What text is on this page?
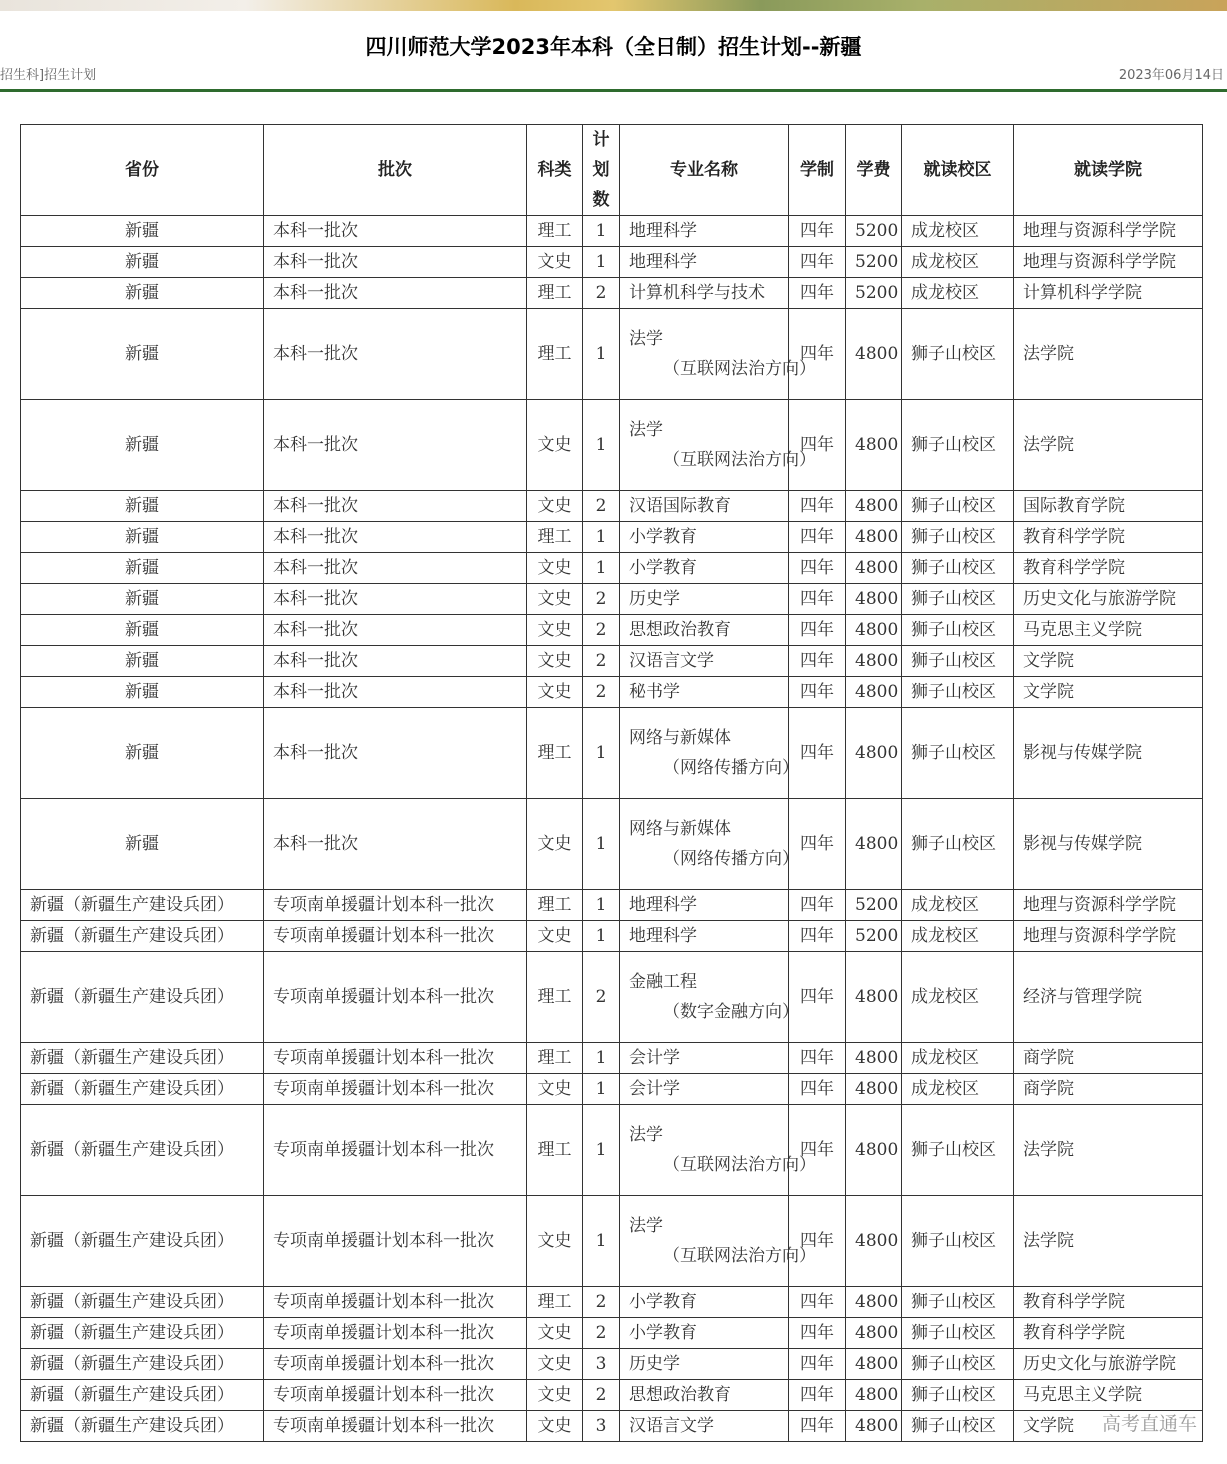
四川师范大学2023年本科（全日制）招生计划--新疆
招生科]招生计划	2023年06月14日
省份	批次	科类	计划数	专业名称	学制	学费	就读校区	就读学院
新疆	本科一批次	理工	1	地理科学	四年	5200	成龙校区	地理与资源科学学院
新疆	本科一批次	文史	1	地理科学	四年	5200	成龙校区	地理与资源科学学院
新疆	本科一批次	理工	2	计算机科学与技术	四年	5200	成龙校区	计算机科学学院
新疆	本科一批次	理工	1	法学
（互联网法治方向）	四年	4800	狮子山校区	法学院
新疆	本科一批次	文史	1	法学
（互联网法治方向）	四年	4800	狮子山校区	法学院
新疆	本科一批次	文史	2	汉语国际教育	四年	4800	狮子山校区	国际教育学院
新疆	本科一批次	理工	1	小学教育	四年	4800	狮子山校区	教育科学学院
新疆	本科一批次	文史	1	小学教育	四年	4800	狮子山校区	教育科学学院
新疆	本科一批次	文史	2	历史学	四年	4800	狮子山校区	历史文化与旅游学院
新疆	本科一批次	文史	2	思想政治教育	四年	4800	狮子山校区	马克思主义学院
新疆	本科一批次	文史	2	汉语言文学	四年	4800	狮子山校区	文学院
新疆	本科一批次	文史	2	秘书学	四年	4800	狮子山校区	文学院
新疆	本科一批次	理工	1	网络与新媒体
（网络传播方向）	四年	4800	狮子山校区	影视与传媒学院
新疆	本科一批次	文史	1	网络与新媒体
（网络传播方向）	四年	4800	狮子山校区	影视与传媒学院
新疆（新疆生产建设兵团）	专项南单援疆计划本科一批次	理工	1	地理科学	四年	5200	成龙校区	地理与资源科学学院
新疆（新疆生产建设兵团）	专项南单援疆计划本科一批次	文史	1	地理科学	四年	5200	成龙校区	地理与资源科学学院
新疆（新疆生产建设兵团）	专项南单援疆计划本科一批次	理工	2	金融工程
（数字金融方向）	四年	4800	成龙校区	经济与管理学院
新疆（新疆生产建设兵团）	专项南单援疆计划本科一批次	理工	1	会计学	四年	4800	成龙校区	商学院
新疆（新疆生产建设兵团）	专项南单援疆计划本科一批次	文史	1	会计学	四年	4800	成龙校区	商学院
新疆（新疆生产建设兵团）	专项南单援疆计划本科一批次	理工	1	法学
（互联网法治方向）	四年	4800	狮子山校区	法学院
新疆（新疆生产建设兵团）	专项南单援疆计划本科一批次	文史	1	法学
（互联网法治方向）	四年	4800	狮子山校区	法学院
新疆（新疆生产建设兵团）	专项南单援疆计划本科一批次	理工	2	小学教育	四年	4800	狮子山校区	教育科学学院
新疆（新疆生产建设兵团）	专项南单援疆计划本科一批次	文史	2	小学教育	四年	4800	狮子山校区	教育科学学院
新疆（新疆生产建设兵团）	专项南单援疆计划本科一批次	文史	3	历史学	四年	4800	狮子山校区	历史文化与旅游学院
新疆（新疆生产建设兵团）	专项南单援疆计划本科一批次	文史	2	思想政治教育	四年	4800	狮子山校区	马克思主义学院
新疆（新疆生产建设兵团）	专项南单援疆计划本科一批次	文史	3	汉语言文学	四年	4800	狮子山校区	文学院 高考直通车
